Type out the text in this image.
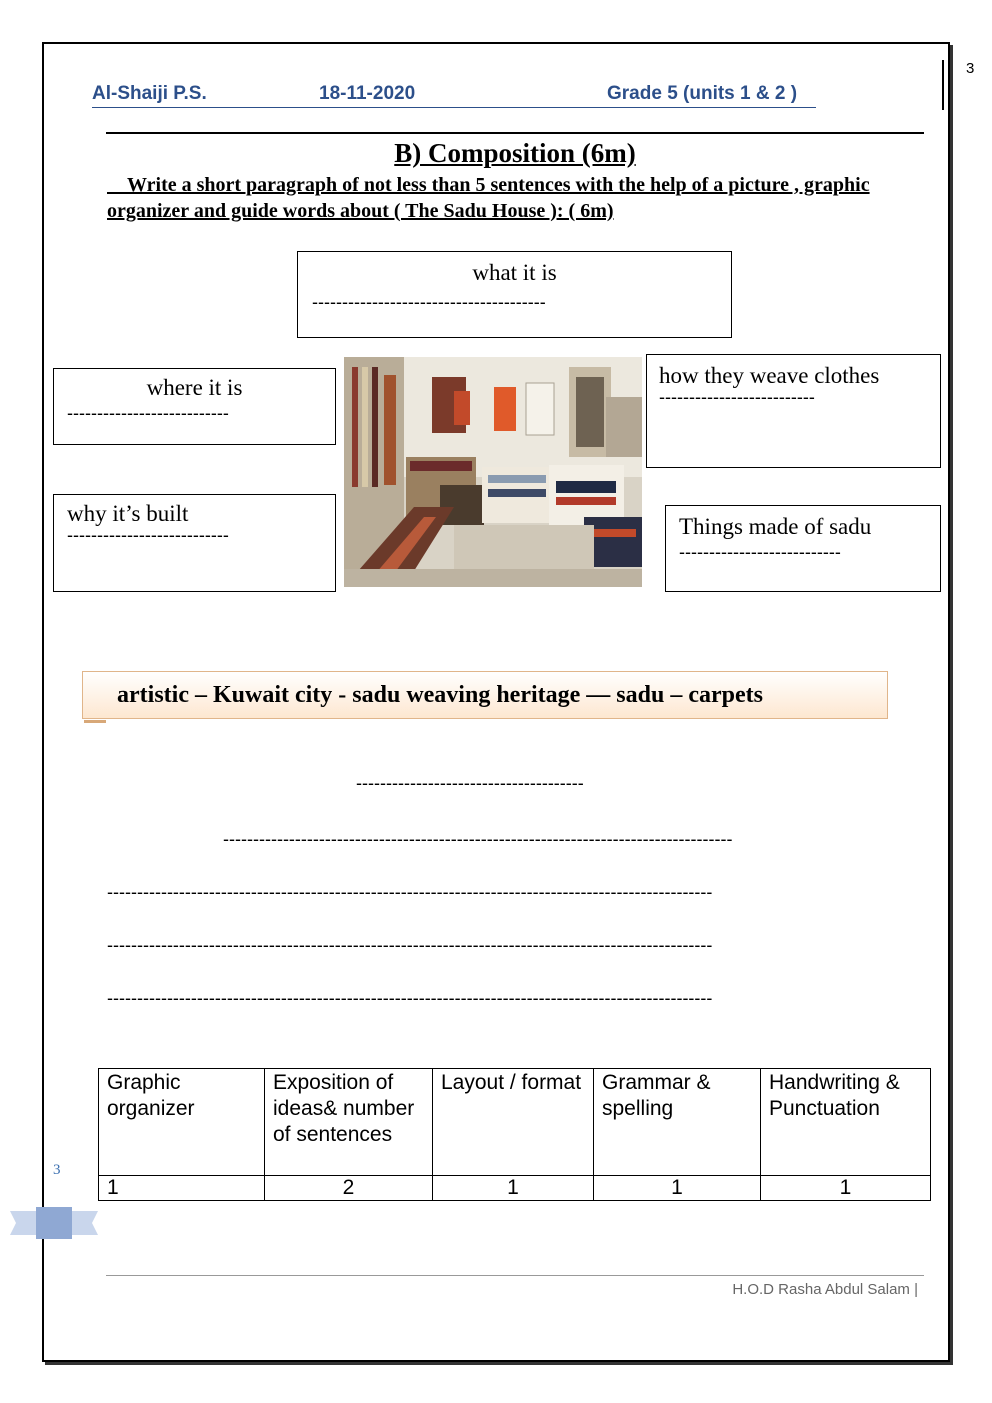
3
Al-Shaiji P.S.	18-11-2020	Grade 5 (units 1 & 2 )
B) Composition (6m)
Write a short paragraph of not less than 5 sentences with the help of a picture , graphic organizer and guide words about ( The Sadu House ): ( 6m)
what it is
---------------------------------------
where it is
---------------------------
why it’s built
---------------------------
how they weave clothes
--------------------------
Things made of sadu
---------------------------
artistic – Kuwait city - sadu weaving heritage — sadu – carpets
--------------------------------------
-------------------------------------------------------------------------------------
-----------------------------------------------------------------------------------------------------
-----------------------------------------------------------------------------------------------------
-----------------------------------------------------------------------------------------------------
Graphic organizer	Exposition of ideas& number of sentences	Layout / format	Grammar & spelling	Handwriting & Punctuation
1	2	1	1	1
3
H.O.D Rasha Abdul Salam |
